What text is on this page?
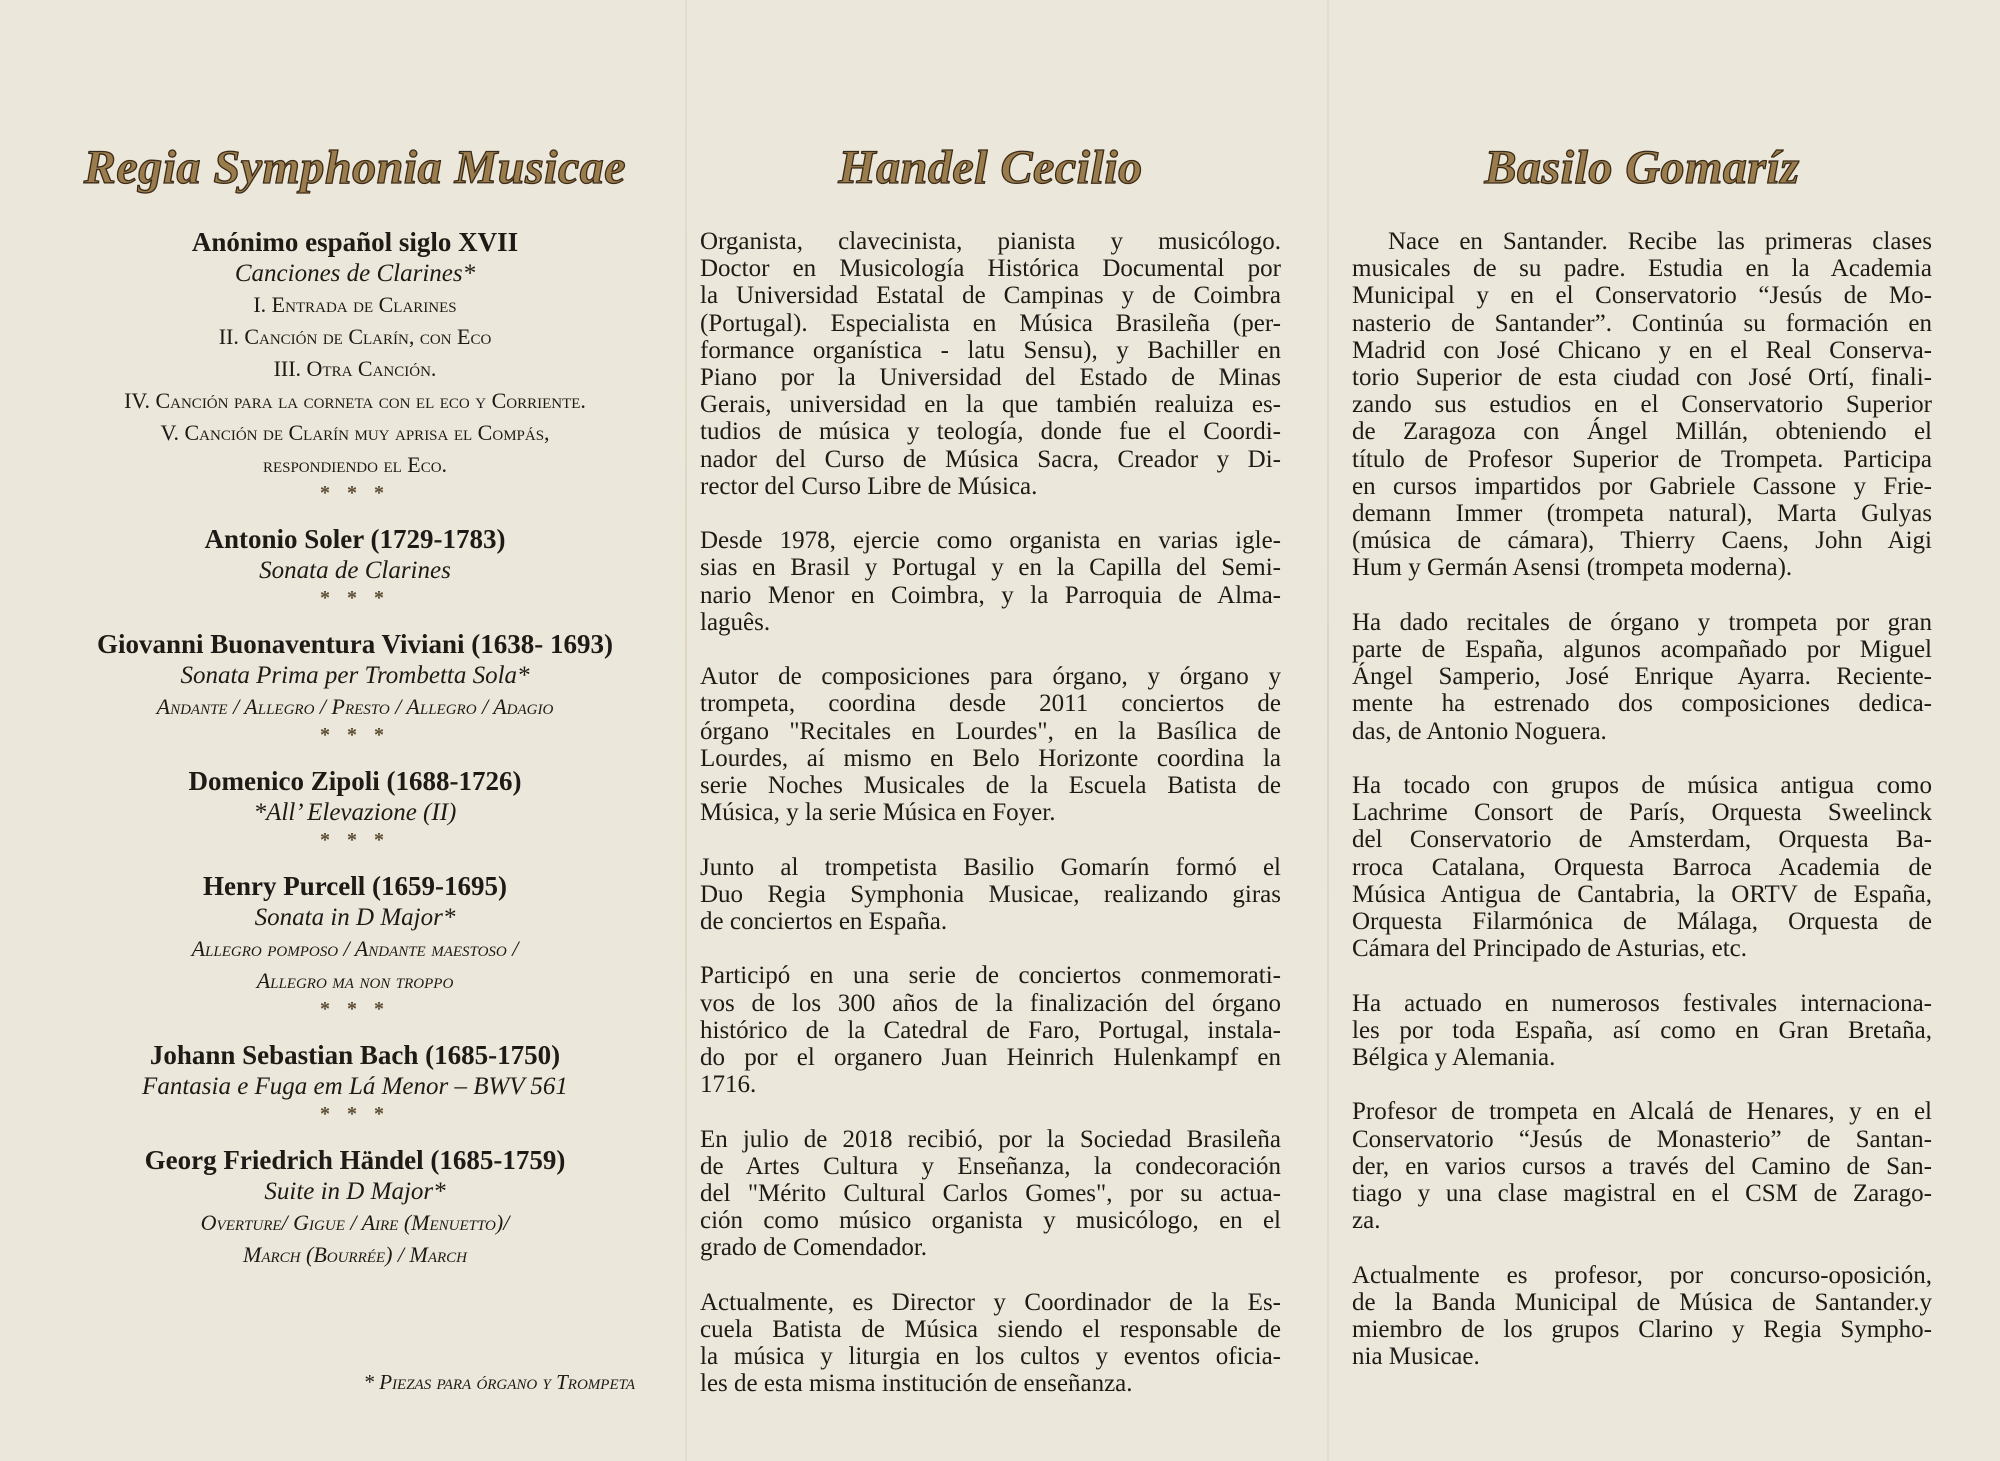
Regia Symphonia Musicae	Handel Cecilio	Basilo Gomaríz
Anónimo español siglo XVII
Canciones de Clarines*
I. Entrada de Clarines
II. Canción de Clarín, con Eco
III. Otra Canción.
IV. Canción para la corneta con el eco y Corriente.
V. Canción de Clarín muy aprisa el Compás,
respondiendo el Eco.
* * *
Antonio Soler (1729-1783)
Sonata de Clarines
* * *
Giovanni Buonaventura Viviani (1638- 1693)
Sonata Prima per Trombetta Sola*
Andante / Allegro / Presto / Allegro / Adagio
* * *
Domenico Zipoli (1688-1726)
*All’ Elevazione (II)
* * *
Henry Purcell (1659-1695)
Sonata in D Major*
Allegro pomposo / Andante maestoso /
Allegro ma non troppo
* * *
Johann Sebastian Bach (1685-1750)
Fantasia e Fuga em Lá Menor – BWV 561
* * *
Georg Friedrich Händel (1685-1759)
Suite in D Major*
Overture/ Gigue / Aire (Menuetto)/
March (Bourrée) / March
* Piezas para órgano y Trompeta
Organista, clavecinista, pianista y musicólogo.
Doctor en Musicología Histórica Documental por
la Universidad Estatal de Campinas y de Coimbra
(Portugal). Especialista en Música Brasileña (per-
formance organística - latu Sensu), y Bachiller en
Piano por la Universidad del Estado de Minas
Gerais, universidad en la que también realuiza es-
tudios de música y teología, donde fue el Coordi-
nador del Curso de Música Sacra, Creador y Di-
rector del Curso Libre de Música.
Desde 1978, ejercie como organista en varias igle-
sias en Brasil y Portugal y en la Capilla del Semi-
nario Menor en Coimbra, y la Parroquia de Alma-
laguês.
Autor de composiciones para órgano, y órgano y
trompeta, coordina desde 2011 conciertos de
órgano "Recitales en Lourdes", en la Basílica de
Lourdes, aí mismo en Belo Horizonte coordina la
serie Noches Musicales de la Escuela Batista de
Música, y la serie Música en Foyer.
Junto al trompetista Basilio Gomarín formó el
Duo Regia Symphonia Musicae, realizando giras
de conciertos en España.
Participó en una serie de conciertos conmemorati-
vos de los 300 años de la finalización del órgano
histórico de la Catedral de Faro, Portugal, instala-
do por el organero Juan Heinrich Hulenkampf en
1716.
En julio de 2018 recibió, por la Sociedad Brasileña
de Artes Cultura y Enseñanza, la condecoración
del "Mérito Cultural Carlos Gomes", por su actua-
ción como músico organista y musicólogo, en el
grado de Comendador.
Actualmente, es Director y Coordinador de la Es-
cuela Batista de Música siendo el responsable de
la música y liturgia en los cultos y eventos oficia-
les de esta misma institución de enseñanza.
Nace en Santander. Recibe las primeras clases
musicales de su padre. Estudia en la Academia
Municipal y en el Conservatorio “Jesús de Mo-
nasterio de Santander”. Continúa su formación en
Madrid con José Chicano y en el Real Conserva-
torio Superior de esta ciudad con José Ortí, finali-
zando sus estudios en el Conservatorio Superior
de Zaragoza con Ángel Millán, obteniendo el
título de Profesor Superior de Trompeta. Participa
en cursos impartidos por Gabriele Cassone y Frie-
demann Immer (trompeta natural), Marta Gulyas
(música de cámara), Thierry Caens, John Aigi
Hum y Germán Asensi (trompeta moderna).
Ha dado recitales de órgano y trompeta por gran
parte de España, algunos acompañado por Miguel
Ángel Samperio, José Enrique Ayarra. Reciente-
mente ha estrenado dos composiciones dedica-
das, de Antonio Noguera.
Ha tocado con grupos de música antigua como
Lachrime Consort de París, Orquesta Sweelinck
del Conservatorio de Amsterdam, Orquesta Ba-
rroca Catalana, Orquesta Barroca Academia de
Música Antigua de Cantabria, la ORTV de España,
Orquesta Filarmónica de Málaga, Orquesta de
Cámara del Principado de Asturias, etc.
Ha actuado en numerosos festivales internaciona-
les por toda España, así como en Gran Bretaña,
Bélgica y Alemania.
Profesor de trompeta en Alcalá de Henares, y en el
Conservatorio “Jesús de Monasterio” de Santan-
der, en varios cursos a través del Camino de San-
tiago y una clase magistral en el CSM de Zarago-
za.
Actualmente es profesor, por concurso-oposición,
de la Banda Municipal de Música de Santander.y
miembro de los grupos Clarino y Regia Sympho-
nia Musicae.
